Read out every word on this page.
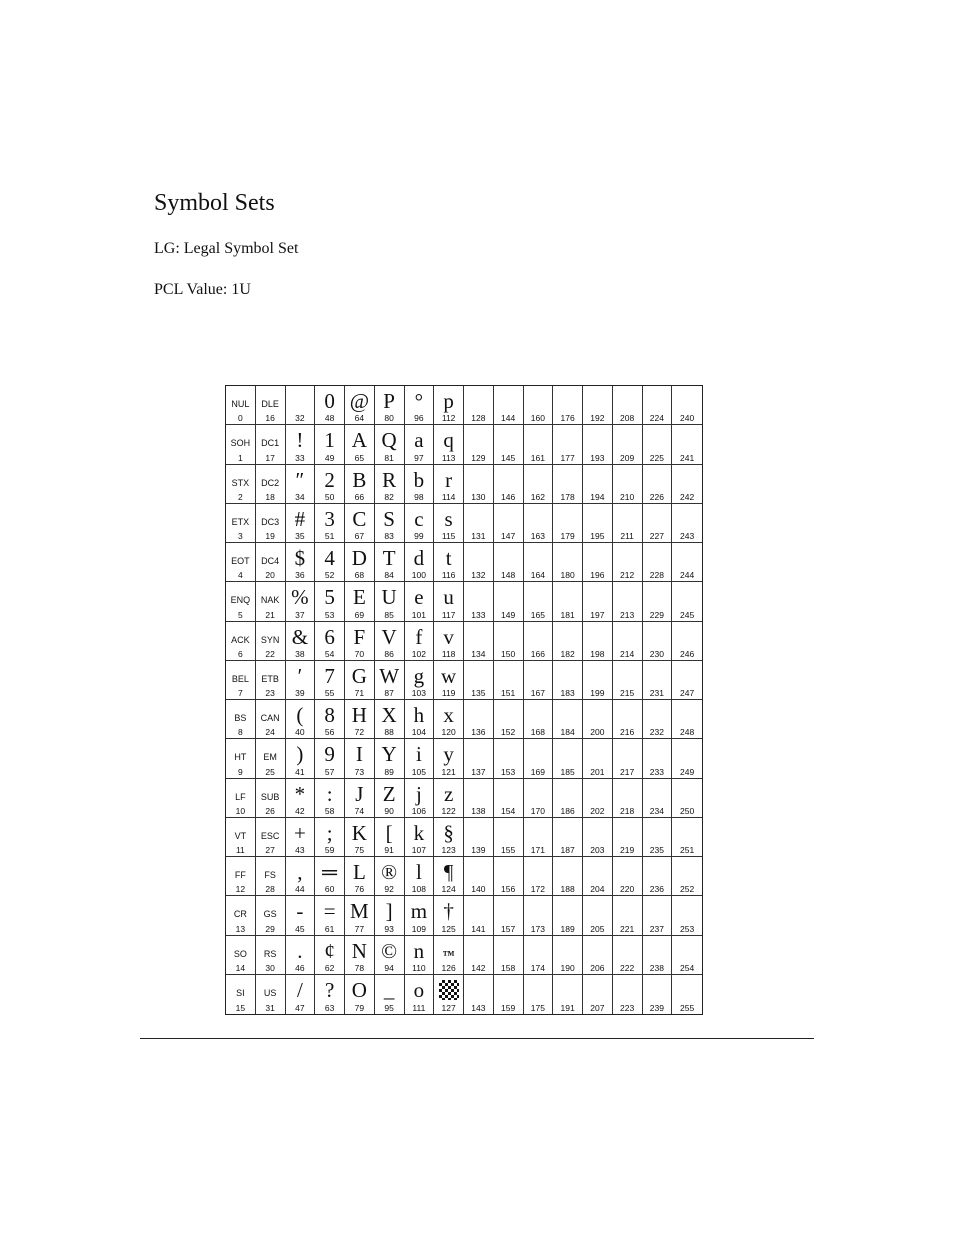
Symbol Sets
LG: Legal Symbol Set
PCL Value: 1U
NUL
0
SOH
1
STX
2
ETX
3
EOT
4
ENQ
5
ACK
6
BEL
7
BS
8
HT
9
LF
10
VT
11
FF
12
CR
13
SO
14
SI
15
DLE
16
DC1
17
DC2
18
DC3
19
DC4
20
NAK
21
SYN
22
ETB
23
CAN
24
EM
25
SUB
26
ESC
27
FS
28
GS
29
RS
30
US
31
32
!
33
″
34
#
35
$
36
%
37
&
38
′
39
(
40
)
41
*
42
+
43
,
44
-
45
.
46
/
47
0
48
1
49
2
50
3
51
4
52
5
53
6
54
7
55
8
56
9
57
:
58
;
59
═
60
=
61
¢
62
?
63
@
64
A
65
B
66
C
67
D
68
E
69
F
70
G
71
H
72
I
73
J
74
K
75
L
76
M
77
N
78
O
79
P
80
Q
81
R
82
S
83
T
84
U
85
V
86
W
87
X
88
Y
89
Z
90
[
91
®
92
]
93
©
94
_
95
°
96
a
97
b
98
c
99
d
100
e
101
f
102
g
103
h
104
i
105
j
106
k
107
l
108
m
109
n
110
o
111
p
112
q
113
r
114
s
115
t
116
u
117
v
118
w
119
x
120
y
121
z
122
§
123
¶
124
†
125
™
126
127
128
129
130
131
132
133
134
135
136
137
138
139
140
141
142
143
144
145
146
147
148
149
150
151
152
153
154
155
156
157
158
159
160
161
162
163
164
165
166
167
168
169
170
171
172
173
174
175
176
177
178
179
180
181
182
183
184
185
186
187
188
189
190
191
192
193
194
195
196
197
198
199
200
201
202
203
204
205
206
207
208
209
210
211
212
213
214
215
216
217
218
219
220
221
222
223
224
225
226
227
228
229
230
231
232
233
234
235
236
237
238
239
240
241
242
243
244
245
246
247
248
249
250
251
252
253
254
255
